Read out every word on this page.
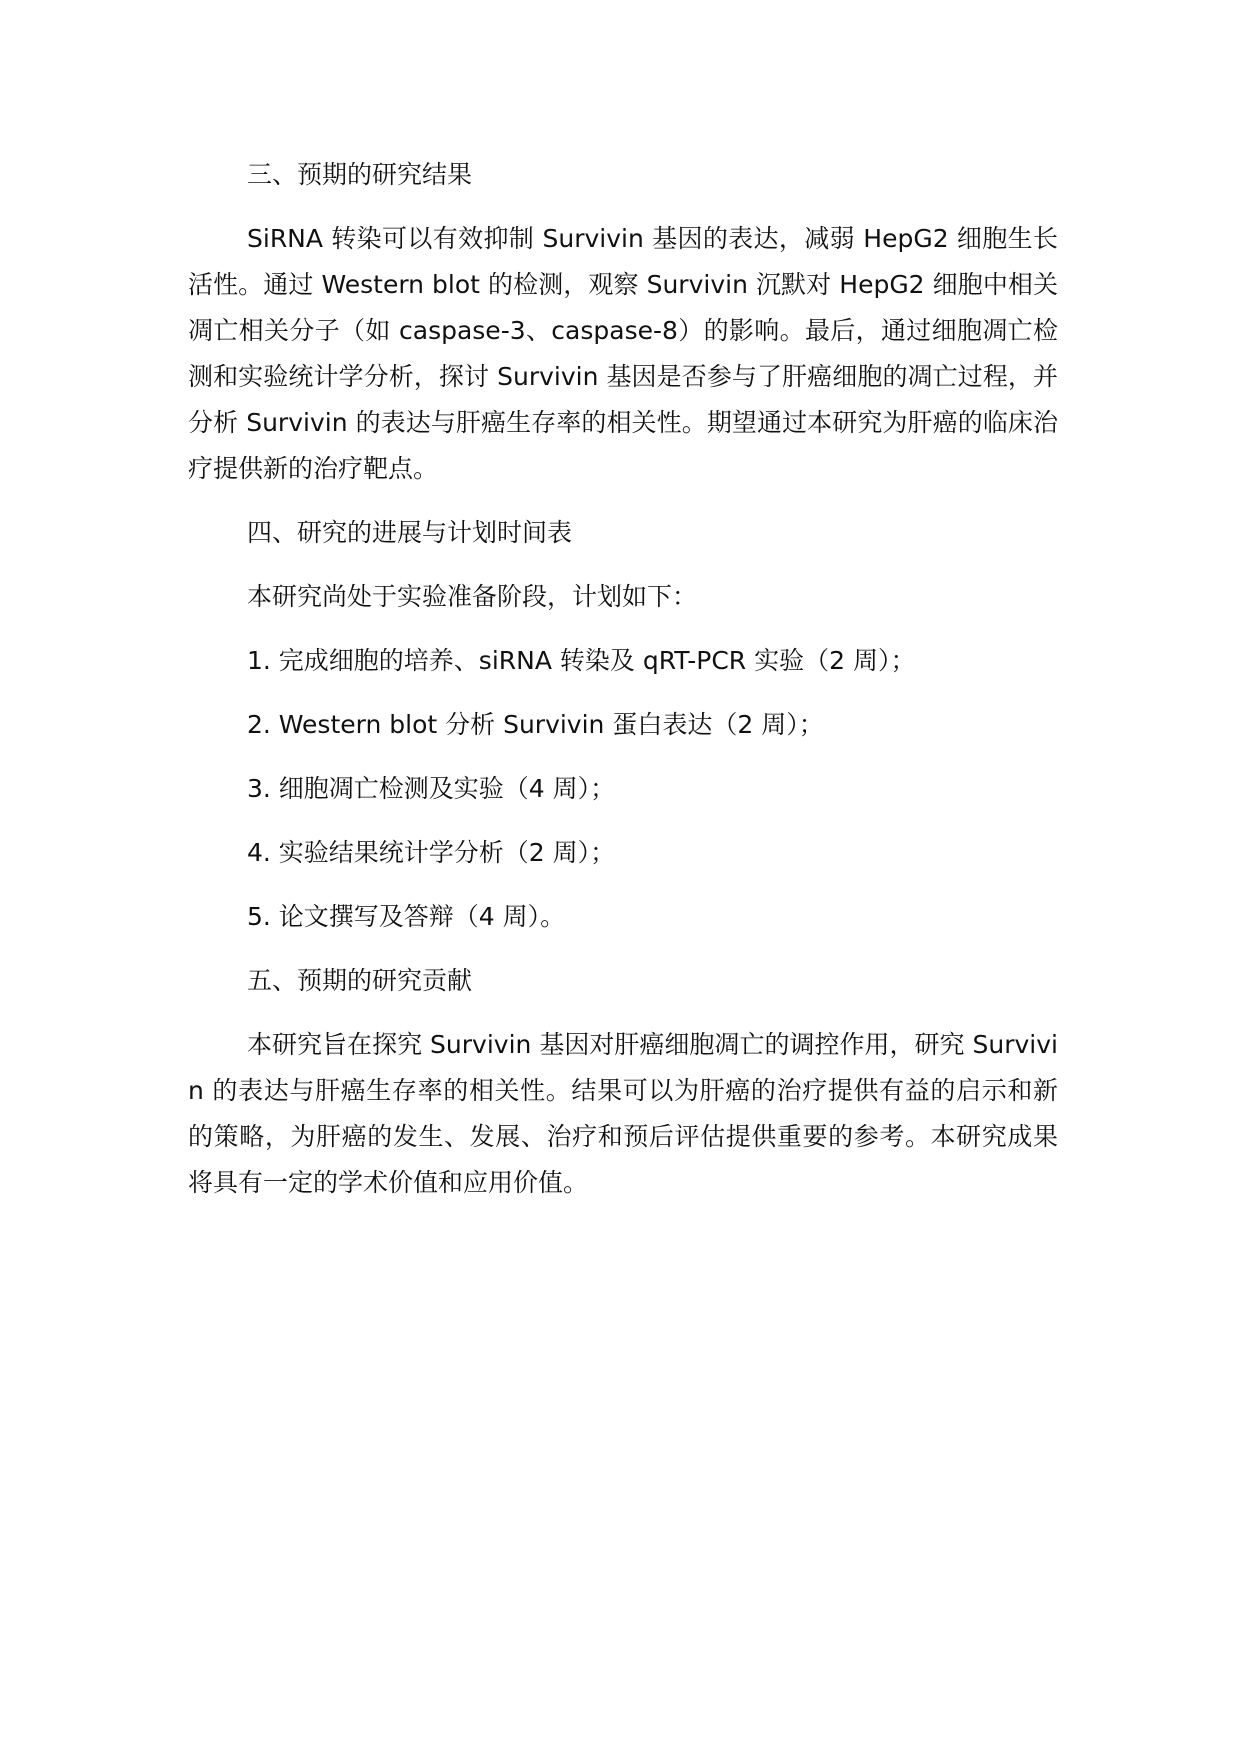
三、预期的研究结果

SiRNA 转染可以有效抑制 Survivin 基因的表达，减弱 HepG2 细胞生长活性。通过 Western blot 的检测，观察 Survivin 沉默对 HepG2 细胞中相关凋亡相关分子（如 caspase-3、caspase-8）的影响。最后，通过细胞凋亡检测和实验统计学分析，探讨 Survivin 基因是否参与了肝癌细胞的凋亡过程，并分析 Survivin 的表达与肝癌生存率的相关性。期望通过本研究为肝癌的临床治疗提供新的治疗靶点。

四、研究的进展与计划时间表

本研究尚处于实验准备阶段，计划如下：

1. 完成细胞的培养、siRNA 转染及 qRT-PCR 实验（2 周）；

2. Western blot 分析 Survivin 蛋白表达（2 周）；

3. 细胞凋亡检测及实验（4 周）；

4. 实验结果统计学分析（2 周）；

5. 论文撰写及答辩（4 周）。

五、预期的研究贡献

本研究旨在探究 Survivin 基因对肝癌细胞凋亡的调控作用，研究 Survivin 的表达与肝癌生存率的相关性。结果可以为肝癌的治疗提供有益的启示和新的策略，为肝癌的发生、发展、治疗和预后评估提供重要的参考。本研究成果将具有一定的学术价值和应用价值。
